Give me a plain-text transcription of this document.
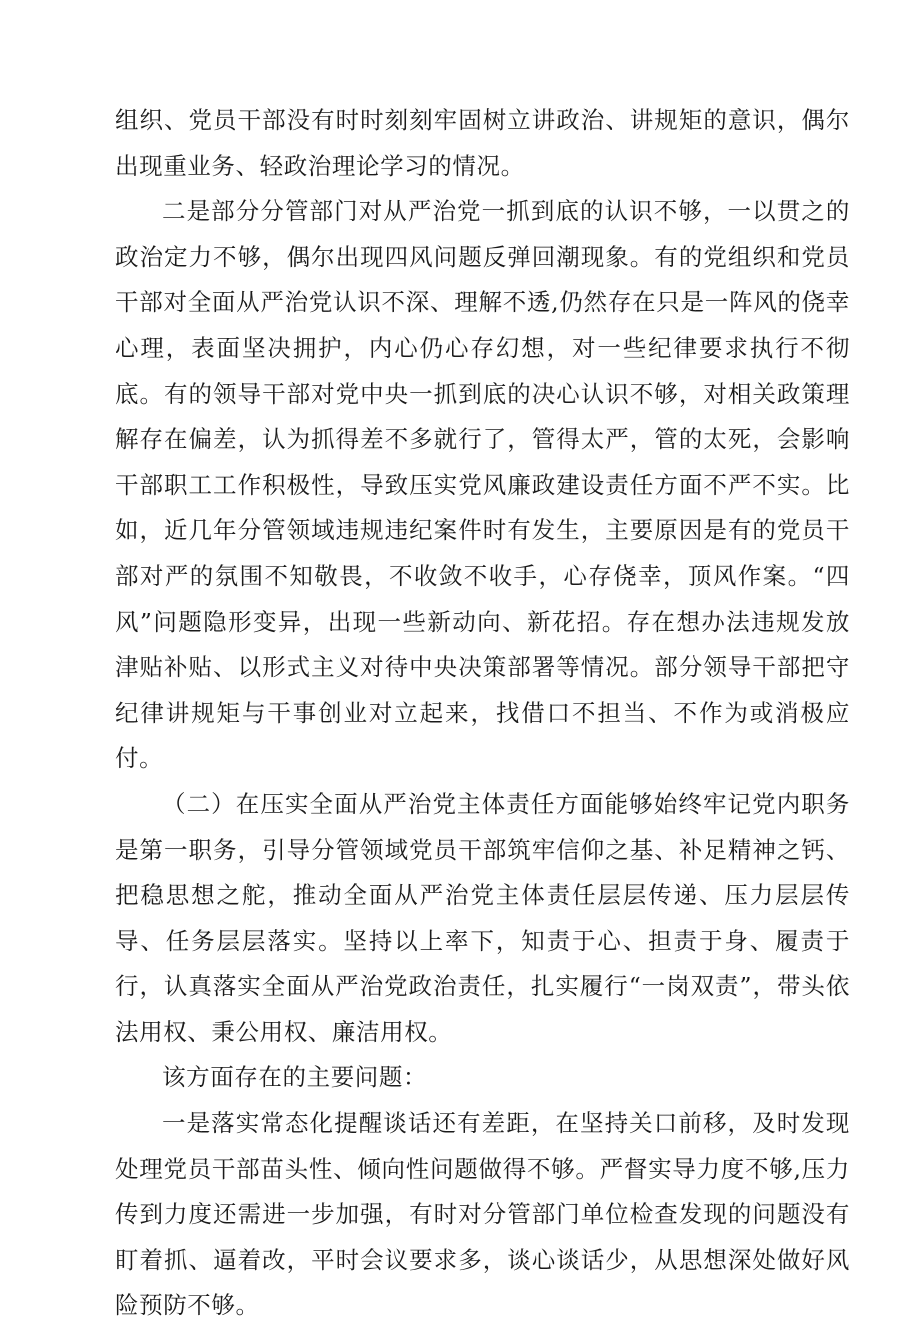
组织、党员干部没有时时刻刻牢固树立讲政治、讲规矩的意识，偶尔出现重业务、轻政治理论学习的情况。

二是部分分管部门对从严治党一抓到底的认识不够，一以贯之的政治定力不够，偶尔出现四风问题反弹回潮现象。有的党组织和党员干部对全面从严治党认识不深、理解不透,仍然存在只是一阵风的侥幸心理，表面坚决拥护，内心仍心存幻想，对一些纪律要求执行不彻底。有的领导干部对党中央一抓到底的决心认识不够，对相关政策理解存在偏差，认为抓得差不多就行了，管得太严，管的太死，会影响干部职工工作积极性，导致压实党风廉政建设责任方面不严不实。比如，近几年分管领域违规违纪案件时有发生，主要原因是有的党员干部对严的氛围不知敬畏，不收敛不收手，心存侥幸，顶风作案。“四风”问题隐形变异，出现一些新动向、新花招。存在想办法违规发放津贴补贴、以形式主义对待中央决策部署等情况。部分领导干部把守纪律讲规矩与干事创业对立起来，找借口不担当、不作为或消极应付。

（二）在压实全面从严治党主体责任方面能够始终牢记党内职务是第一职务，引导分管领域党员干部筑牢信仰之基、补足精神之钙、把稳思想之舵，推动全面从严治党主体责任层层传递、压力层层传导、任务层层落实。坚持以上率下，知责于心、担责于身、履责于行，认真落实全面从严治党政治责任，扎实履行“一岗双责”，带头依法用权、秉公用权、廉洁用权。

该方面存在的主要问题：

一是落实常态化提醒谈话还有差距，在坚持关口前移，及时发现处理党员干部苗头性、倾向性问题做得不够。严督实导力度不够,压力传到力度还需进一步加强，有时对分管部门单位检查发现的问题没有盯着抓、逼着改，平时会议要求多，谈心谈话少，从思想深处做好风险预防不够。
